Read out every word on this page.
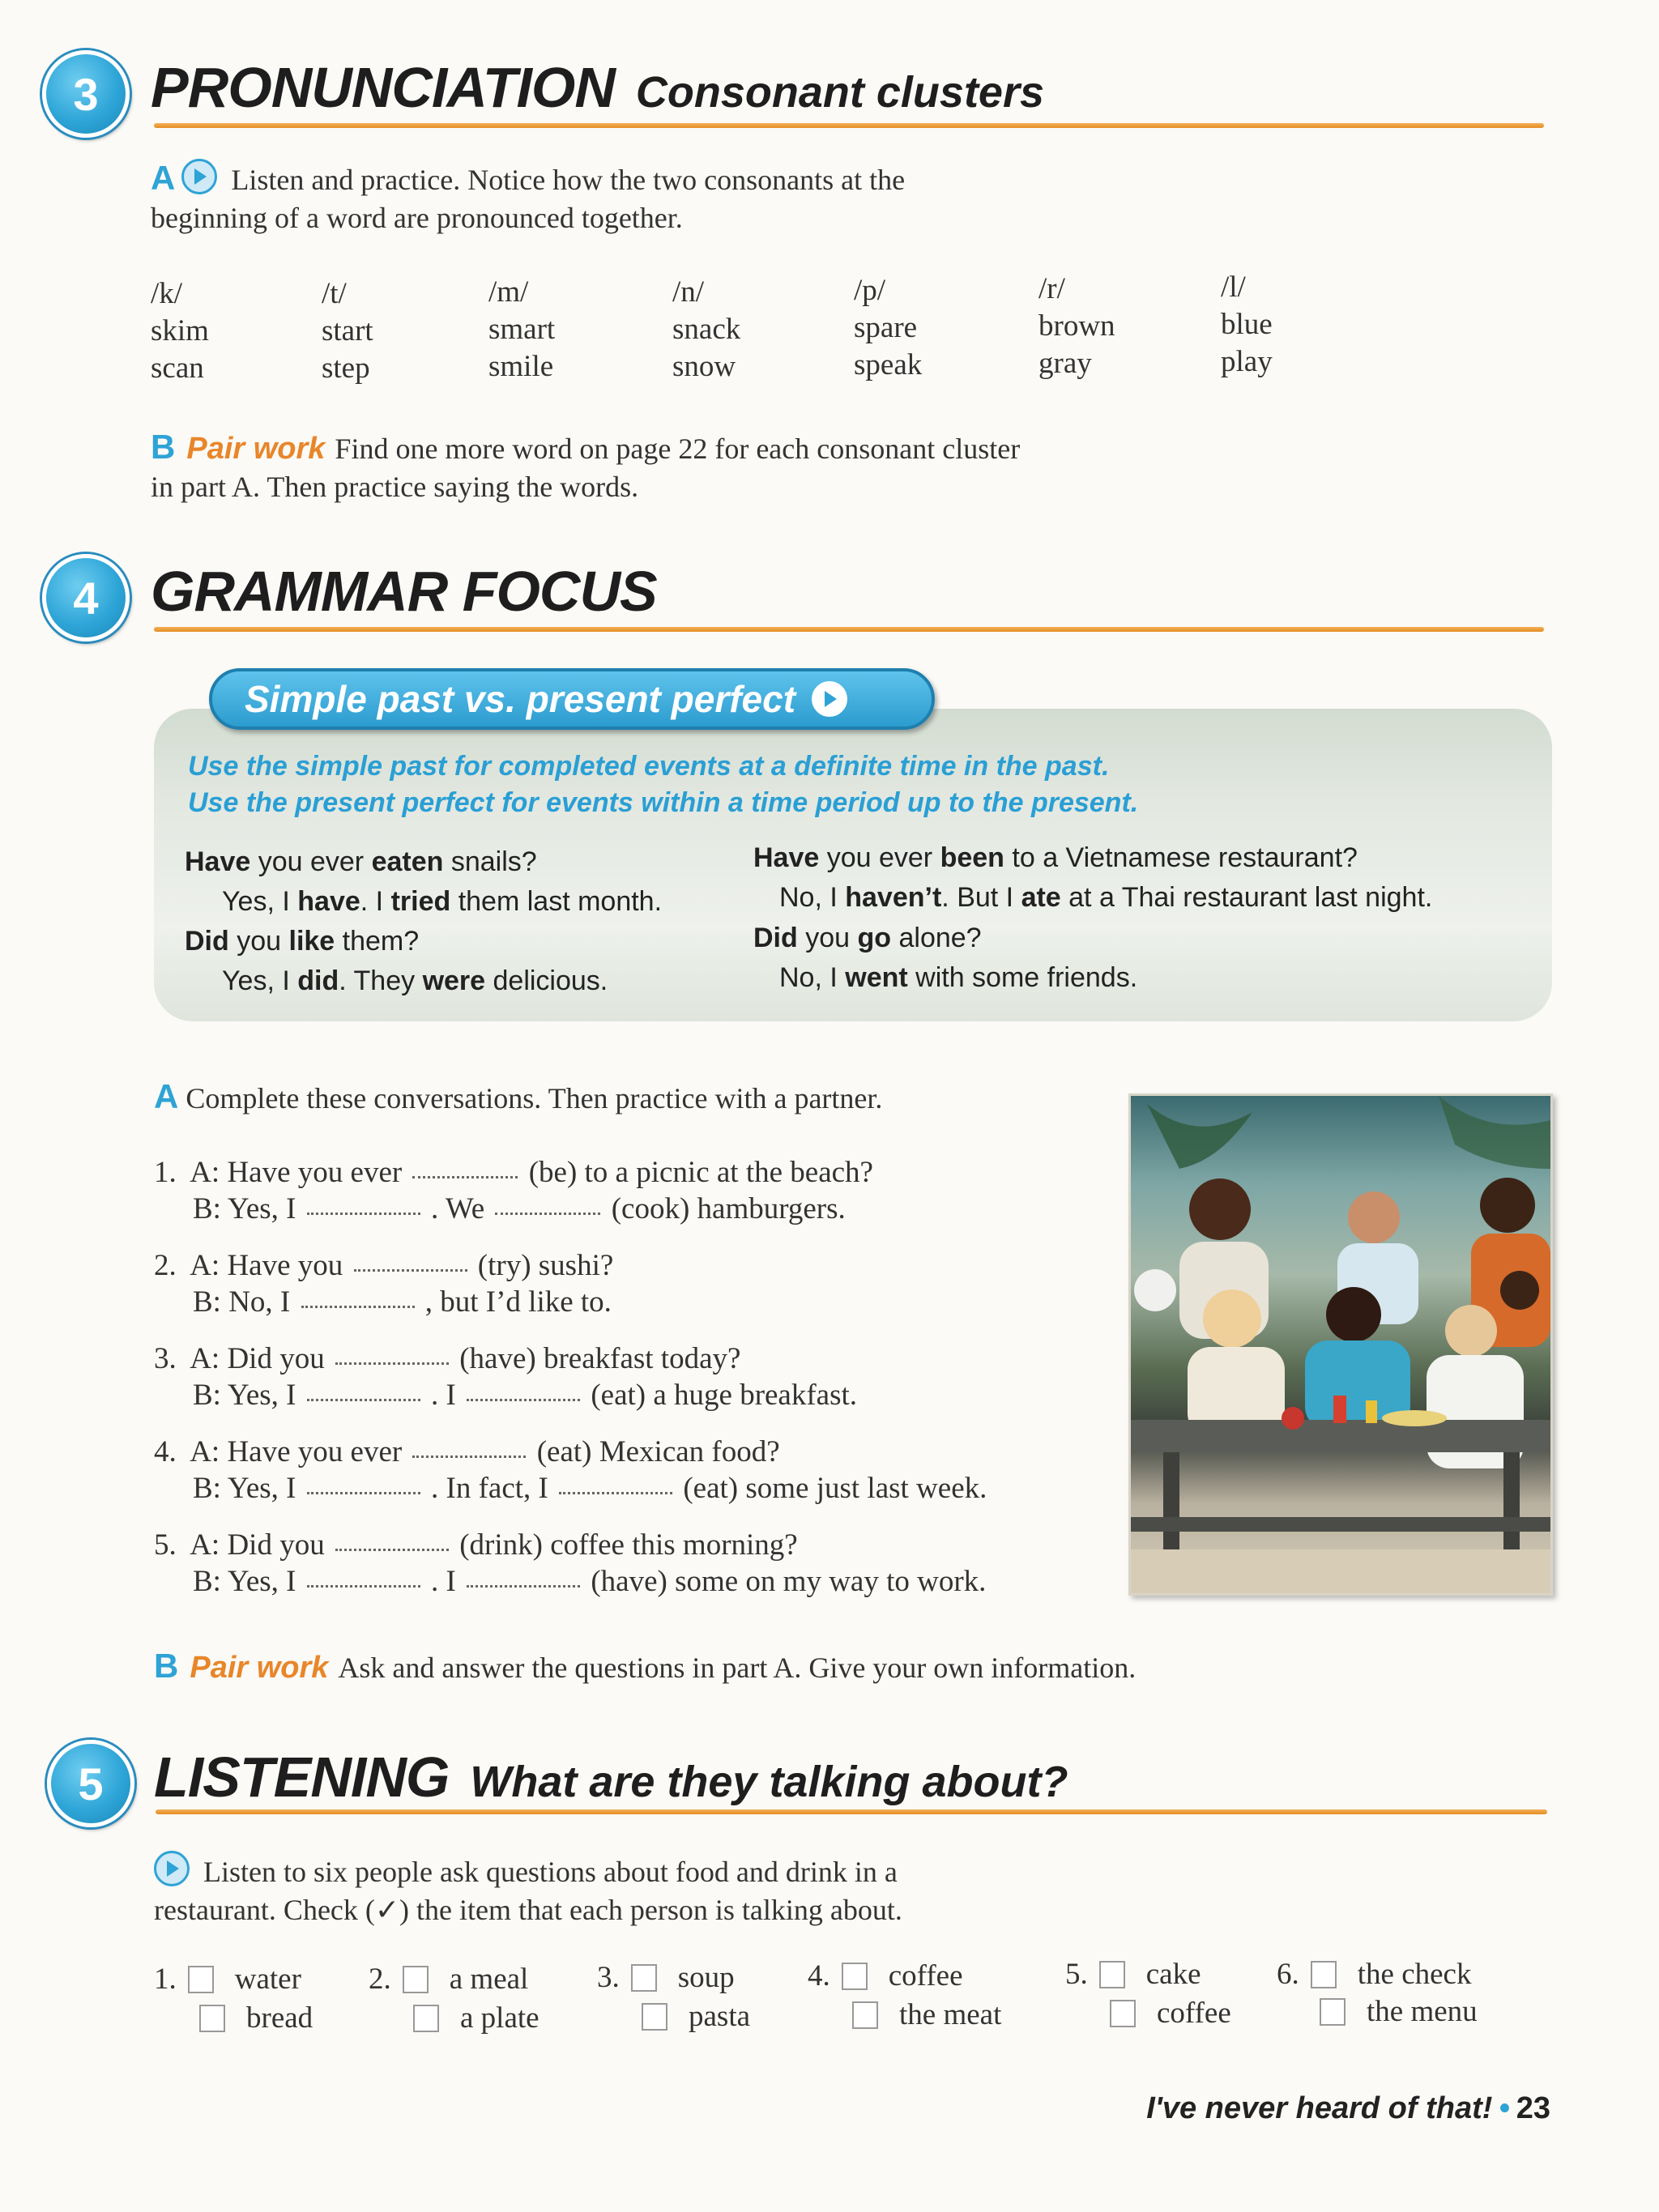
3 PRONUNCIATION Consonant clusters
A Listen and practice. Notice how the two consonants at the
beginning of a word are pronounced together.
/k/
skim
scan
/t/
start
step
/m/
smart
smile
/n/
snack
snow
/p/
spare
speak
/r/
brown
gray
/l/
blue
play
B Pair work Find one more word on page 22 for each consonant cluster
in part A. Then practice saying the words.
4 GRAMMAR FOCUS
Simple past vs. present perfect
Use the simple past for completed events at a definite time in the past.
Use the present perfect for events within a time period up to the present.
Have you ever eaten snails?
Yes, I have. I tried them last month.
Did you like them?
Yes, I did. They were delicious.
Have you ever been to a Vietnamese restaurant?
No, I haven’t. But I ate at a Thai restaurant last night.
Did you go alone?
No, I went with some friends.
A Complete these conversations. Then practice with a partner.
1.  A: Have you ever	(be) to a picnic at the beach?
B: Yes, I	. We	(cook) hamburgers.
2.  A: Have you	(try) sushi?
B: No, I	, but I’d like to.
3.  A: Did you	(have) breakfast today?
B: Yes, I	. I	(eat) a huge breakfast.
4.  A: Have you ever	(eat) Mexican food?
B: Yes, I	. In fact, I	(eat) some just last week.
5.  A: Did you	(drink) coffee this morning?
B: Yes, I	. I	(have) some on my way to work.
B Pair work Ask and answer the questions in part A. Give your own information.
5 LISTENING What are they talking about?
Listen to six people ask questions about food and drink in a
restaurant. Check (✓) the item that each person is talking about.
1. water
bread
2. a meal
a plate
3. soup
pasta
4. coffee
the meat
5. cake
coffee
6. the check
the menu
I've never heard of that! • 23
